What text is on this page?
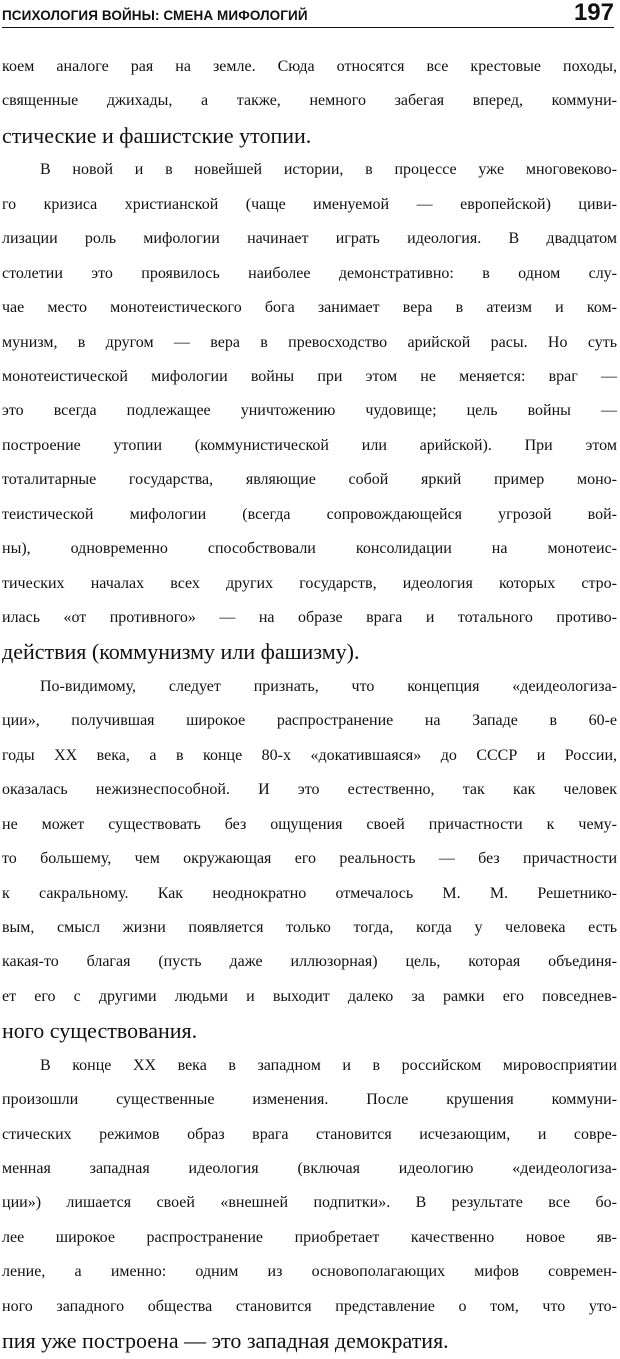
ПСИХОЛОГИЯ ВОЙНЫ: СМЕНА МИФОЛОГИЙ	197
коем аналоге рая на земле. Сюда относятся все крестовые походы,
священные джихады, а также, немного забегая вперед, коммуни-
стические и фашистские утопии.
В новой и в новейшей истории, в процессе уже многовеково-
го кризиса христианской (чаще именуемой — европейской) циви-
лизации роль мифологии начинает играть идеология. В двадцатом
столетии это проявилось наиболее демонстративно: в одном слу-
чае место монотеистического бога занимает вера в атеизм и ком-
мунизм, в другом — вера в превосходство арийской расы. Но суть
монотеистической мифологии войны при этом не меняется: враг —
это всегда подлежащее уничтожению чудовище; цель войны —
построение утопии (коммунистической или арийской). При этом
тоталитарные государства, являющие собой яркий пример моно-
теистической мифологии (всегда сопровождающейся угрозой вой-
ны), одновременно способствовали консолидации на монотеис-
тических началах всех других государств, идеология которых стро-
илась «от противного» — на образе врага и тотального противо-
действия (коммунизму или фашизму).
По-видимому, следует признать, что концепция «деидеологиза-
ции», получившая широкое распространение на Западе в 60-е
годы XX века, а в конце 80-х «докатившаяся» до СССР и России,
оказалась нежизнеспособной. И это естественно, так как человек
не может существовать без ощущения своей причастности к чему-
то большему, чем окружающая его реальность — без причастности
к сакральному. Как неоднократно отмечалось М. М. Решетнико-
вым, смысл жизни появляется только тогда, когда у человека есть
какая-то благая (пусть даже иллюзорная) цель, которая объединя-
ет его с другими людьми и выходит далеко за рамки его повседнев-
ного существования.
В конце XX века в западном и в российском мировосприятии
произошли существенные изменения. После крушения коммуни-
стических режимов образ врага становится исчезающим, и совре-
менная западная идеология (включая идеологию «деидеологиза-
ции») лишается своей «внешней подпитки». В результате все бо-
лее широкое распространение приобретает качественно новое яв-
ление, а именно: одним из основополагающих мифов современ-
ного западного общества становится представление о том, что уто-
пия уже построена — это западная демократия.
